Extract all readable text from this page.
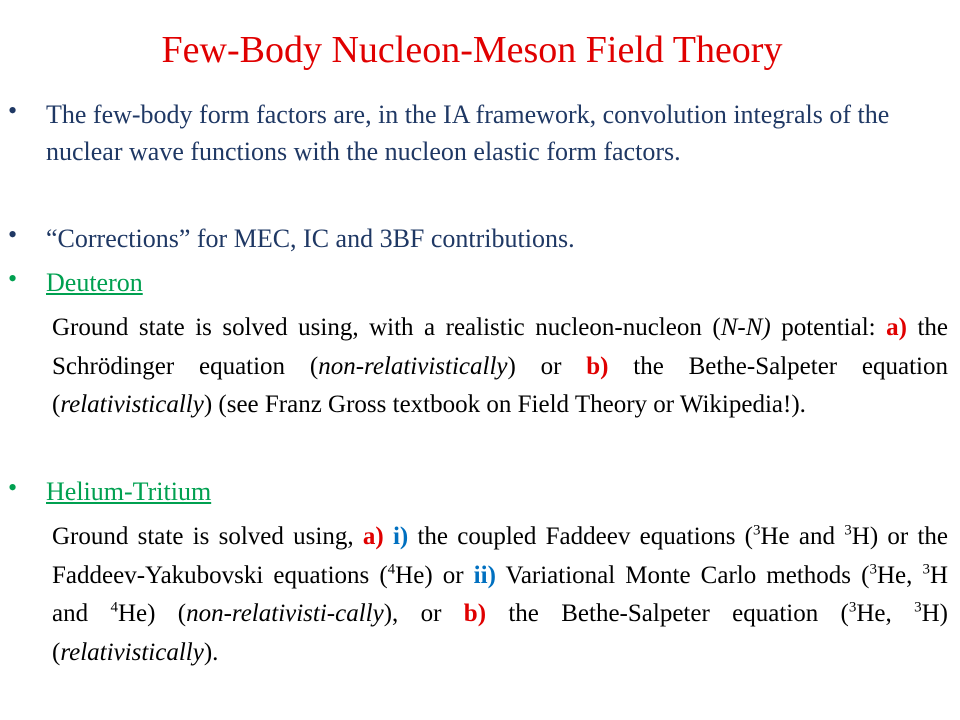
Few-Body Nucleon-Meson Field Theory
• The few-body form factors are, in the IA framework, convolution integrals of the nuclear wave functions with the nucleon elastic form factors.
• “Corrections” for MEC, IC and 3BF contributions.
• Deuteron
Ground state is solved using, with a realistic nucleon-nucleon (N-N) potential: a) the Schrödinger equation (non-relativistically) or b) the Bethe-Salpeter equation (relativistically) (see Franz Gross textbook on Field Theory or Wikipedia!).
• Helium-Tritium
Ground state is solved using, a) i) the coupled Faddeev equations ($^3$He and $^3$H) or the Faddeev-Yakubovski equations ($^4$He) or ii) Variational Monte Carlo methods ($^3$He, $^3$H and $^4$He) (non-relativisti-cally), or b) the Bethe-Salpeter equation ($^3$He, $^3$H) (relativistically).
